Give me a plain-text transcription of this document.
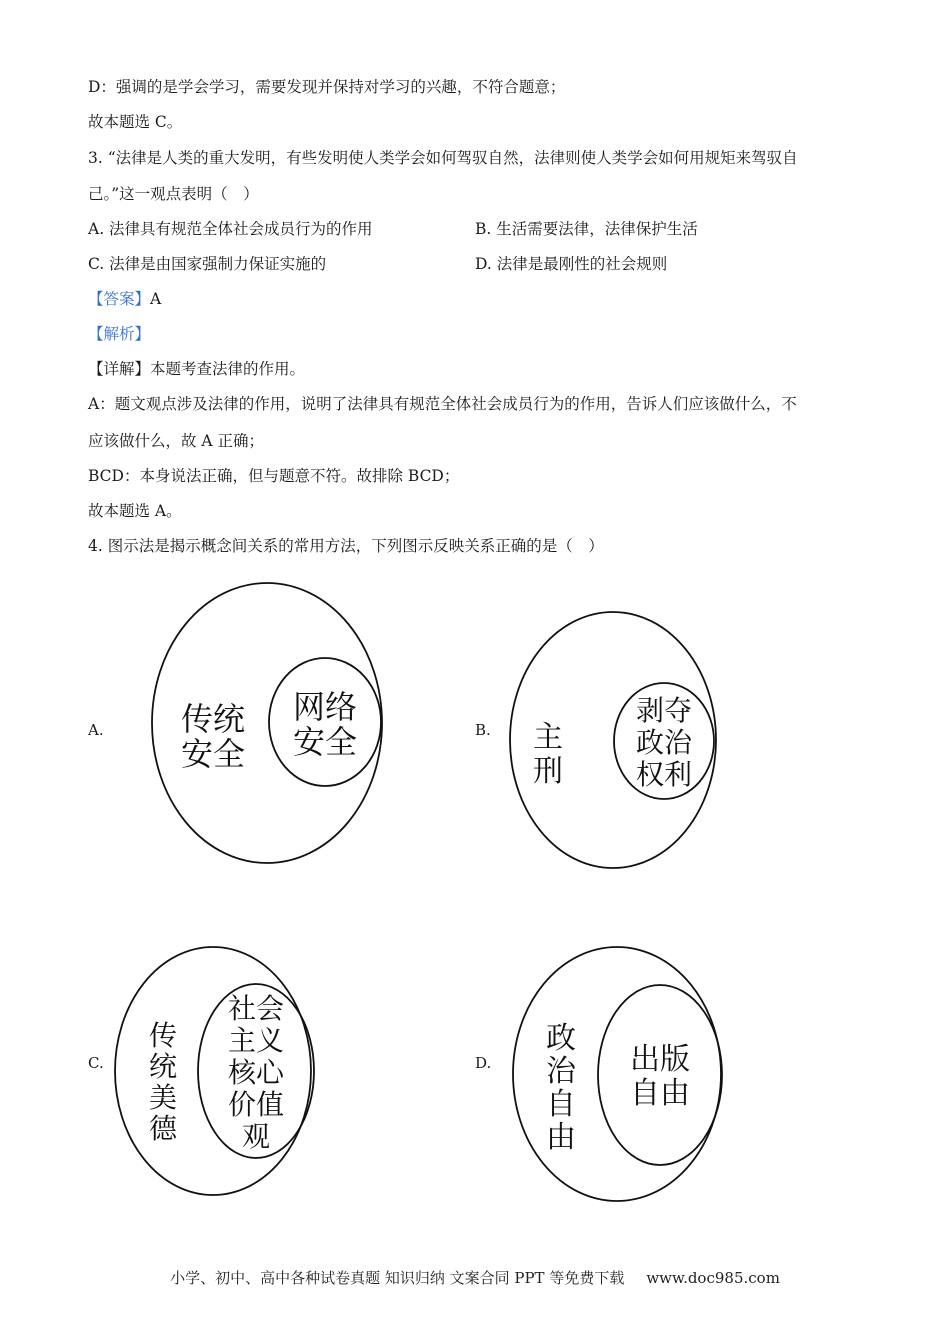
D：强调的是学会学习，需要发现并保持对学习的兴趣，不符合题意；
故本题选 C。
3. “法律是人类的重大发明，有些发明使人类学会如何驾驭自然，法律则使人类学会如何用规矩来驾驭自
己。”这一观点表明（　）
A. 法律具有规范全体社会成员行为的作用	B. 生活需要法律，法律保护生活
C. 法律是由国家强制力保证实施的	D. 法律是最刚性的社会规则
【答案】A
【解析】
【详解】本题考查法律的作用。
A：题文观点涉及法律的作用，说明了法律具有规范全体社会成员行为的作用，告诉人们应该做什么，不
应该做什么，故 A 正确；
BCD：本身说法正确，但与题意不符。故排除 BCD；
故本题选 A。
4. 图示法是揭示概念间关系的常用方法，下列图示反映关系正确的是（　）
A.	B.
C.	D.
传统
安全
网络
安全	主
刑
剥夺
政治
权利
传
统
美
德
社会
主义
核心
价值
观
政
治
自
由
出版
自由
小学、初中、高中各种试卷真题 知识归纳 文案合同 PPT 等免费下载 www.doc985.com
